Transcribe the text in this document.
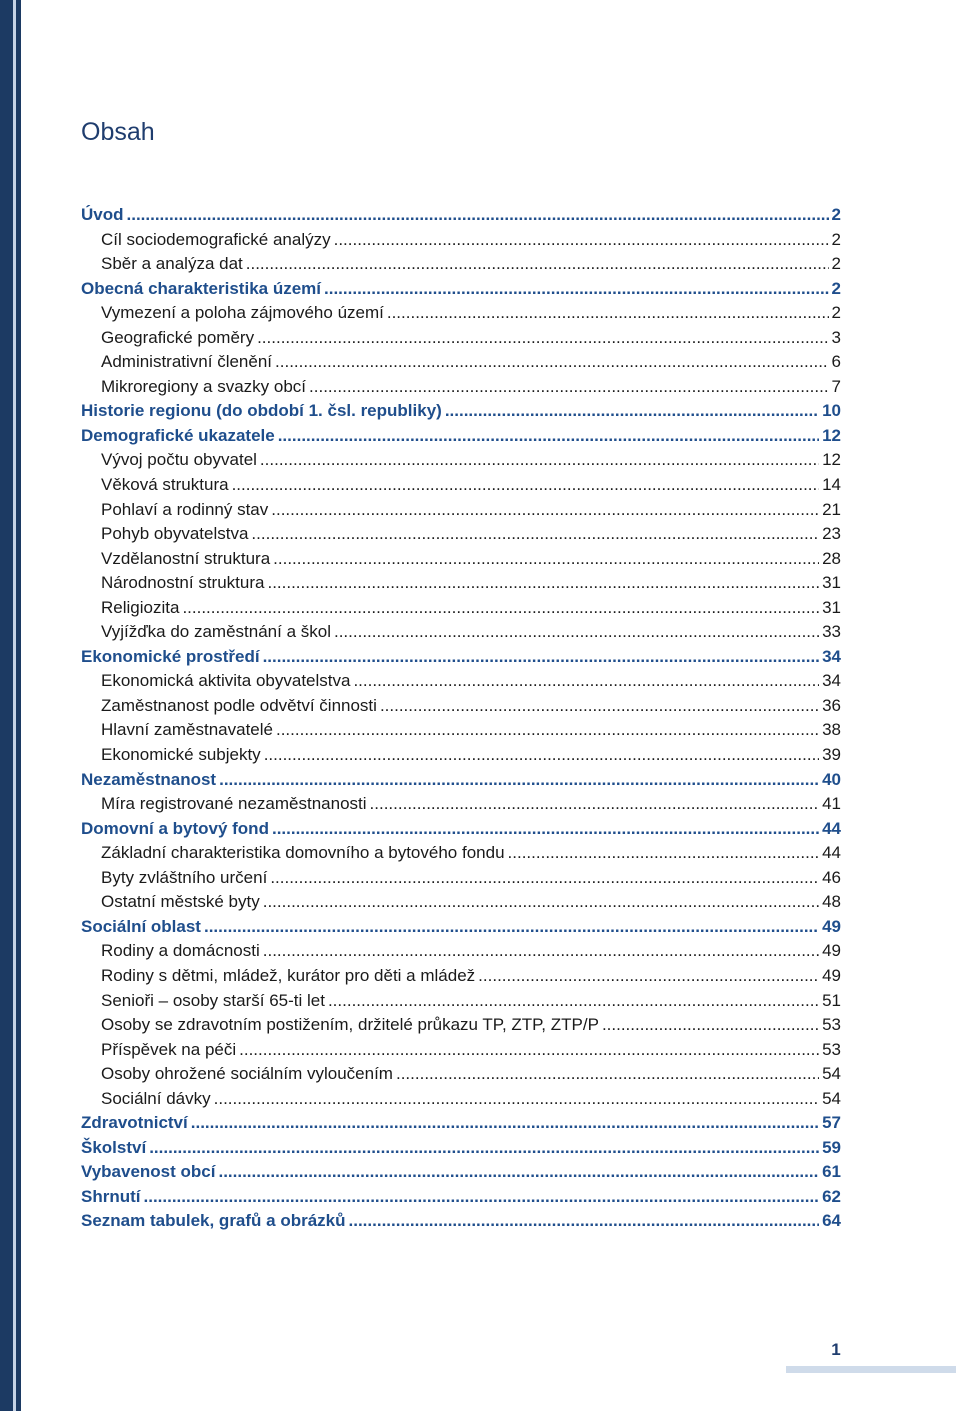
Obsah
Úvod .....	2
Cíl sociodemografické analýzy .....	2
Sběr a analýza dat .....	2
Obecná charakteristika území .....	2
Vymezení a poloha zájmového území .....	2
Geografické poměry .....	3
Administrativní členění .....	6
Mikroregiony a svazky obcí .....	7
Historie regionu (do období 1. čsl. republiky) .....	10
Demografické ukazatele .....	12
Vývoj počtu obyvatel .....	12
Věková struktura .....	14
Pohlaví a rodinný stav .....	21
Pohyb obyvatelstva .....	23
Vzdělanostní struktura .....	28
Národnostní struktura .....	31
Religiozita .....	31
Vyjížďka do zaměstnání a škol .....	33
Ekonomické prostředí .....	34
Ekonomická aktivita obyvatelstva .....	34
Zaměstnanost podle odvětví činnosti .....	36
Hlavní zaměstnavatelé .....	38
Ekonomické subjekty .....	39
Nezaměstnanost .....	40
Míra registrované nezaměstnanosti .....	41
Domovní a bytový fond .....	44
Základní charakteristika domovního a bytového fondu .....	44
Byty zvláštního určení .....	46
Ostatní městské byty .....	48
Sociální oblast .....	49
Rodiny a domácnosti .....	49
Rodiny s dětmi, mládež, kurátor pro děti a mládež .....	49
Senioři – osoby starší 65-ti let .....	51
Osoby se zdravotním postižením, držitelé průkazu TP, ZTP, ZTP/P .....	53
Příspěvek na péči .....	53
Osoby ohrožené sociálním vyloučením .....	54
Sociální dávky .....	54
Zdravotnictví .....	57
Školství .....	59
Vybavenost obcí .....	61
Shrnutí .....	62
Seznam tabulek, grafů a obrázků .....	64
1
